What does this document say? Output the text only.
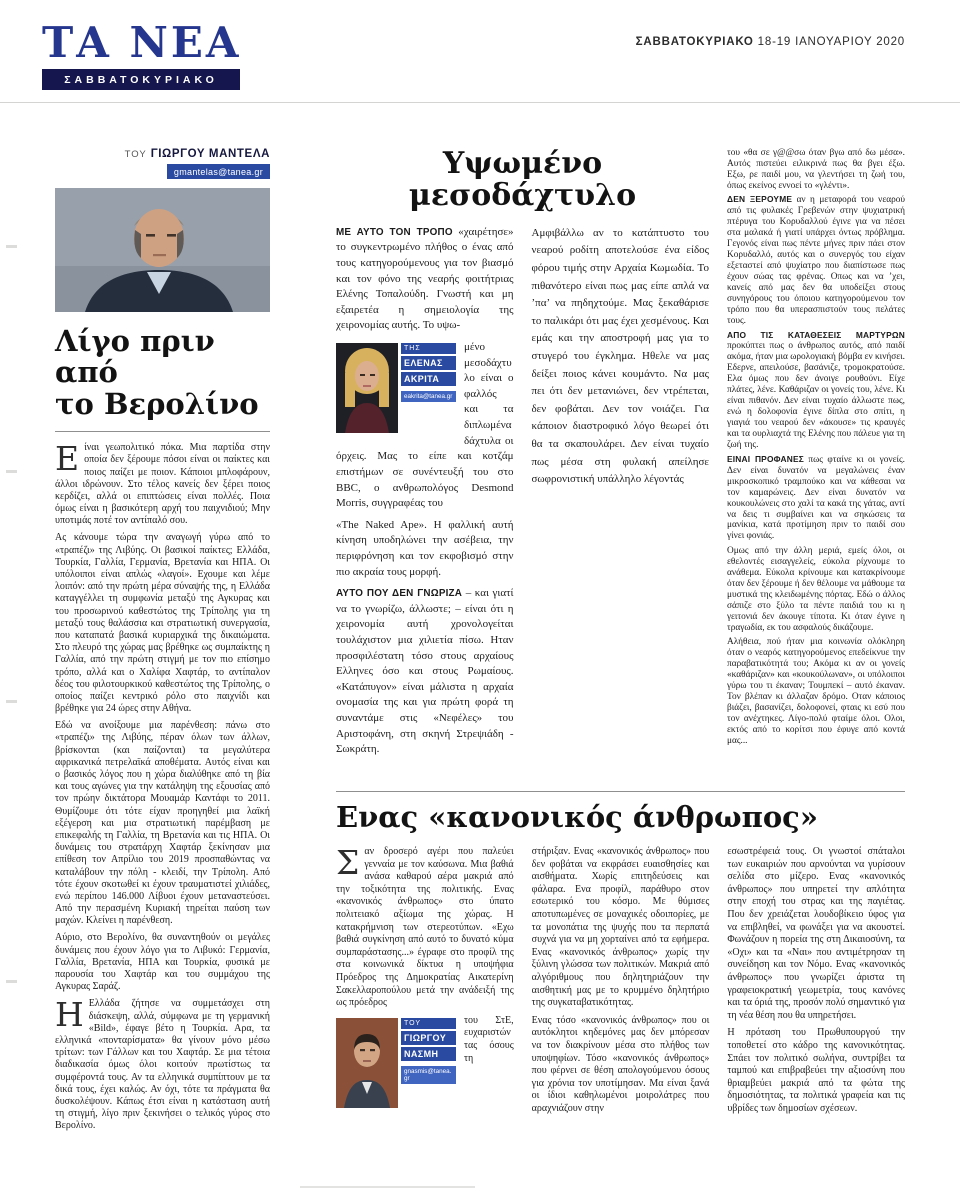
ΤΑ ΝΕΑ
ΣΑΒΒΑΤΟΚΥΡΙΑΚΟ
ΣΑΒΒΑΤΟΚΥΡΙΑΚΟ 18-19 ΙΑΝΟΥΑΡΙΟΥ 2020
ΤΟΥ ΓΙΩΡΓΟΥ ΜΑΝΤΕΛΑ
gmantelas@tanea.gr
Λίγο πριν από
το Βερολίνο

Είναι γεωπολιτικό πόκα. Μια παρτίδα στην οποία δεν ξέρουμε πόσοι είναι οι παίκτες και ποιος παίζει με ποιον. Κάποιοι μπλοφάρουν, άλλοι ιδρώνουν. Στο τέλος κανείς δεν ξέρει ποιος κερδίζει, αλλά οι επιπτώσεις είναι πολλές. Ποια όμως είναι η βασικότερη αρχή του παιχνιδιού; Μην υποτιμάς ποτέ τον αντίπαλό σου.

Ας κάνουμε τώρα την αναγωγή γύρω από το «τραπέζι» της Λιβύης. Οι βασικοί παίκτες; Ελλάδα, Τουρκία, Γαλλία, Γερμανία, Βρετανία και ΗΠΑ. Οι υπόλοιποι είναι απλώς «λαγοί». Εχουμε και λέμε λοιπόν: από την πρώτη μέρα σύναψής της, η Ελλάδα καταγγέλλει τη συμφωνία μεταξύ της Αγκυρας και του προσωρινού καθεστώτος της Τρίπολης για τη μεταξύ τους θαλάσσια και στρατιωτική συνεργασία, που καταπατά βασικά κυριαρχικά της δικαιώματα. Στο πλευρό της χώρας μας βρέθηκε ως συμπαίκτης η Γαλλία, από την πρώτη στιγμή με τον πιο επίσημο τρόπο, αλλά και ο Χαλίφα Χαφτάρ, το αντίπαλον δέος του φιλοτουρκικού καθεστώτος της Τρίπολης, ο οποίος παίζει κεντρικό ρόλο στο παιχνίδι και βρέθηκε για 24 ώρες στην Αθήνα.

Εδώ να ανοίξουμε μια παρένθεση: πάνω στο «τραπέζι» της Λιβύης, πέραν όλων των άλλων, βρίσκονται (και παίζονται) τα μεγαλύτερα αφρικανικά πετρελαϊκά αποθέματα. Αυτός είναι και ο βασικός λόγος που η χώρα διαλύθηκε από τη βία και τους αγώνες για την κατάληψη της εξουσίας από τον πρώην δικτάτορα Μουαμάρ Καντάφι το 2011. Θυμίζουμε ότι τότε είχαν προηγηθεί μια λαϊκή εξέγερση και μια στρατιωτική παρέμβαση με επικεφαλής τη Γαλλία, τη Βρετανία και τις ΗΠΑ. Οι δυνάμεις του στρατάρχη Χαφτάρ ξεκίνησαν μια επίθεση τον Απρίλιο του 2019 προσπαθώντας να καταλάβουν την πόλη - κλειδί, την Τρίπολη. Από τότε έχουν σκοτωθεί κι έχουν τραυματιστεί χιλιάδες, ενώ περίπου 146.000 Λίβυοι έχουν μεταναστεύσει. Από την περασμένη Κυριακή τηρείται παύση των μαχών. Κλείνει η παρένθεση.

Αύριο, στο Βερολίνο, θα συναντηθούν οι μεγάλες δυνάμεις που έχουν λόγο για το Λιβυκό: Γερμανία, Γαλλία, Βρετανία, ΗΠΑ και Τουρκία, φυσικά με παρουσία του Χαφτάρ και του συμμάχου της Αγκυρας Σαράζ.

Η Ελλάδα ζήτησε να συμμετάσχει στη διάσκεψη, αλλά, σύμφωνα με τη γερμανική «Bild», έφαγε βέτο η Τουρκία. Αρα, τα ελληνικά «πονταρίσματα» θα γίνουν μόνο μέσω τρίτων: των Γάλλων και του Χαφτάρ. Σε μια τέτοια διαδικασία όμως όλοι κοιτούν πρωτίστως τα συμφέροντά τους. Αν τα ελληνικά συμπίπτουν με τα δικά τους, έχει καλώς. Αν όχι, τότε τα πράγματα θα δυσκολέψουν. Κάπως έτσι είναι η κατάσταση αυτή τη στιγμή, λίγο πριν ξεκινήσει ο τελικός γύρος στο Βερολίνο.

Υψωμένο
μεσοδάχτυλο

ΜΕ ΑΥΤΟ ΤΟΝ ΤΡΟΠΟ «χαιρέτησε» το συγκεντρωμένο πλήθος ο ένας από τους κατηγορούμενους για τον βιασμό και τον φόνο της νεαρής φοιτήτριας Ελένης Τοπαλούδη. Γνωστή και μη εξαιρετέα η σημειολογία της χειρονομίας αυτής. Το υψω-

ΤΗΣ
ΕΛΕΝΑΣ
ΑΚΡΙΤΑ
eakrita@tanea.gr

μένο μεσοδάχτυλο είναι ο φαλλός και τα διπλωμένα δάχτυλα οι όρχεις. Μας το είπε και κοτζάμ επιστήμων σε συνέντευξή του στο BBC, ο ανθρωπολόγος Desmond Morris, συγγραφέας του

«The Naked Ape». Η φαλλική αυτή κίνηση υποδηλώνει την ασέβεια, την περιφρόνηση και τον εκφοβισμό στην πιο ακραία τους μορφή.

ΑΥΤΟ ΠΟΥ ΔΕΝ ΓΝΩΡΙΖΑ – και γιατί να το γνωρίζω, άλλωστε; – είναι ότι η χειρονομία αυτή χρονολογείται τουλάχιστον μια χιλιετία πίσω. Ηταν προσφιλέστατη τόσο στους αρχαίους Ελληνες όσο και στους Ρωμαίους. «Κατάπυγον» είναι μάλιστα η αρχαία ονομασία της και για πρώτη φορά τη συναντάμε στις «Νεφέλες» του Αριστοφάνη, στη σκηνή Στρεψιάδη - Σωκράτη.

Αμφιβάλλω αν το κατάπτυστο του νεαρού ροδίτη αποτελούσε ένα είδος φόρου τιμής στην Αρχαία Κωμωδία. Το πιθανότερο είναι πως μας είπε απλά να ’πα’ να πηδηχτούμε. Μας ξεκαθάρισε το παλικάρι ότι μας έχει χεσμένους. Και εμάς και την αποστροφή μας για το στυγερό του έγκλημα. Ηθελε να μας δείξει ποιος κάνει κουμάντο. Να μας πει ότι δεν μετανιώνει, δεν ντρέπεται, δεν φοβάται. Δεν τον νοιάζει. Για κάποιον διαστροφικό λόγο θεωρεί ότι θα τα σκαπουλάρει. Δεν είναι τυχαίο πως μέσα στη φυλακή απείλησε σωφρονιστική υπάλληλο λέγοντάς

του «θα σε γ@@σω όταν βγω από δω μέσα». Αυτός πιστεύει ειλικρινά πως θα βγει έξω. Εξω, ρε παιδί μου, να γλεντήσει τη ζωή του, όπως εκείνος εννοεί το «γλέντι».

ΔΕΝ ΞΕΡΟΥΜΕ αν η μεταφορά του νεαρού από τις φυλακές Γρεβενών στην ψυχιατρική πτέρυγα του Κορυδαλλού έγινε για να πέσει στα μαλακά ή γιατί υπάρχει όντως πρόβλημα. Γεγονός είναι πως πέντε μήνες πριν πάει στον Κορυδαλλό, αυτός και ο συνεργός του είχαν εξεταστεί από ψυχίατρο που διαπίστωσε πως έχουν σώας τας φρένας. Οπως και να ’χει, κανείς από μας δεν θα υποδείξει στους συνηγόρους του όποιου κατηγορούμενου τον τρόπο που θα υπερασπιστούν τους πελάτες τους.

ΑΠΟ ΤΙΣ ΚΑΤΑΘΕΣΕΙΣ ΜΑΡΤΥΡΩΝ προκύπτει πως ο άνθρωπος αυτός, από παιδί ακόμα, ήταν μια ωρολογιακή βόμβα εν κινήσει. Εδερνε, απειλούσε, βασάνιζε, τρομοκρατούσε. Ελα όμως που δεν άνοιγε ρουθούνι. Είχε πλάτες, λένε. Καθάριζαν οι γονείς του, λένε. Κι είναι πιθανόν. Δεν είναι τυχαίο άλλωστε πως, ενώ η δολοφονία έγινε δίπλα στο σπίτι, η γιαγιά του νεαρού δεν «άκουσε» τις κραυγές και τα ουρλιαχτά της Ελένης που πάλευε για τη ζωή της.

ΕΙΝΑΙ ΠΡΟΦΑΝΕΣ πως φταίνε κι οι γονείς. Δεν είναι δυνατόν να μεγαλώνεις έναν μικροσκοπικό τραμπούκο και να κάθεσαι να τον καμαρώνεις. Δεν είναι δυνατόν να κουκουλώνεις στο χαλί τα κακά της γάτας, αντί να δεις τι συμβαίνει και να σηκώσεις τα μανίκια, κατά προτίμηση πριν το παιδί σου γίνει φονιάς.

Ομως από την άλλη μεριά, εμείς όλοι, οι εθελοντές εισαγγελείς, εύκολα ρίχνουμε το ανάθεμα. Εύκολα κρίνουμε και κατακρίνουμε όταν δεν ξέρουμε ή δεν θέλουμε να μάθουμε τα μυστικά της κλειδωμένης πόρτας. Εδώ ο άλλος σάπιζε στο ξύλο τα πέντε παιδιά του κι η γειτονιά δεν άκουγε τίποτα. Κι όταν έγινε η τραγωδία, εκ του ασφαλούς δικάζουμε.

Αλήθεια, πού ήταν μια κοινωνία ολόκληρη όταν ο νεαρός κατηγορούμενος επεδείκνυε την παραβατικότητά του; Ακόμα κι αν οι γονείς «καθάριζαν» και «κουκούλωναν», οι υπόλοιποι γύρω του τι έκαναν; Τουμπεκί – αυτό έκαναν. Τον βλέπαν κι άλλαζαν δρόμο. Οταν κάποιος βιάζει, βασανίζει, δολοφονεί, φταις κι εσύ που τον ανέχτηκες. Λίγο-πολύ φταίμε όλοι. Ολοι, εκτός από το κορίτσι που έφυγε από κοντά μας...

Ενας «κανονικός άνθρωπος»

Σαν δροσερό αγέρι που παλεύει γενναία με τον καύσωνα. Μια βαθιά ανάσα καθαρού αέρα μακριά από την τοξικότητα της πολιτικής. Ενας «κανονικός άνθρωπος» στο ύπατο πολιτειακό αξίωμα της χώρας. Η κατακρήμνιση των στερεοτύπων. «Εχω βαθιά συγκίνηση από αυτό το δυνατό κύμα συμπαράστασης...» έγραφε στο προφίλ της στα κοινωνικά δίκτυα η υποψήφια Πρόεδρος της Δημοκρατίας Αικατερίνη Σακελλαροπούλου μετά την ανάδειξή της ως πρόεδρος

ΤΟΥ
ΓΙΩΡΓΟΥ
ΝΑΣΜΗ
gnasmis@tanea.gr

του ΣτΕ, ευχαριστώντας όσους τη

στήριξαν. Ενας «κανονικός άνθρωπος» που δεν φοβάται να εκφράσει ευαισθησίες και αισθήματα. Χωρίς επιτηδεύσεις και φάλαρα. Ενα προφίλ, παράθυρο στον εσωτερικό του κόσμο. Με θύμισες αποτυπωμένες σε μοναχικές οδοιπορίες, με τα μονοπάτια της ψυχής που τα περπατά συχνά για να μη χορταίνει από τα εφήμερα. Ενας «κανονικός άνθρωπος» χωρίς την ξύλινη γλώσσα των πολιτικών. Μακριά από αλγόριθμους που δηλητηριάζουν την αισθητική μας με το κρυμμένο δηλητήριο της συγκαταβατικότητας.

Ενας τόσο «κανονικός άνθρωπος» που οι αυτόκλητοι κηδεμόνες μας δεν μπόρεσαν να τον διακρίνουν μέσα στο πλήθος των υποψηφίων. Τόσο «κανονικός άνθρωπος» που φέρνει σε θέση απολογούμενου όσους για χρόνια τον υποτίμησαν. Μα είναι ξανά οι ίδιοι καθηλωμένοι μοιρολάτρες που αραχνιάζουν στην

εσωστρέφειά τους. Οι γνωστοί σπάταλοι των ευκαιριών που αρνούνται να γυρίσουν σελίδα στο μίζερο. Ενας «κανονικός άνθρωπος» που υπηρετεί την απλότητα στην εποχή του στρας και της παγιέτας. Που δεν χρειάζεται λουδοβίκειο ύφος για να επιβληθεί, να φωνάξει για να ακουστεί. Φωνάζουν η πορεία της στη Δικαιοσύνη, τα «Οχι» και τα «Ναι» που αντιμέτρησαν τη συνείδηση και τον Νόμο. Ενας «κανονικός άνθρωπος» που γνωρίζει άριστα τη γραφειοκρατική γεωμετρία, τους κανόνες και τα όριά της, προσόν πολύ σημαντικό για τη νέα θέση που θα υπηρετήσει.

Η πρόταση του Πρωθυπουργού την τοποθετεί στο κάδρο της κανονικότητας. Σπάει τον πολιτικό σωλήνα, συντρίβει τα ταμπού και επιβραβεύει την αξιοσύνη που θριαμβεύει μακριά από τα φώτα της δημοσιότητας, τα πολιτικά γραφεία και τις υβρίδες των δημοσίων σχέσεων.
